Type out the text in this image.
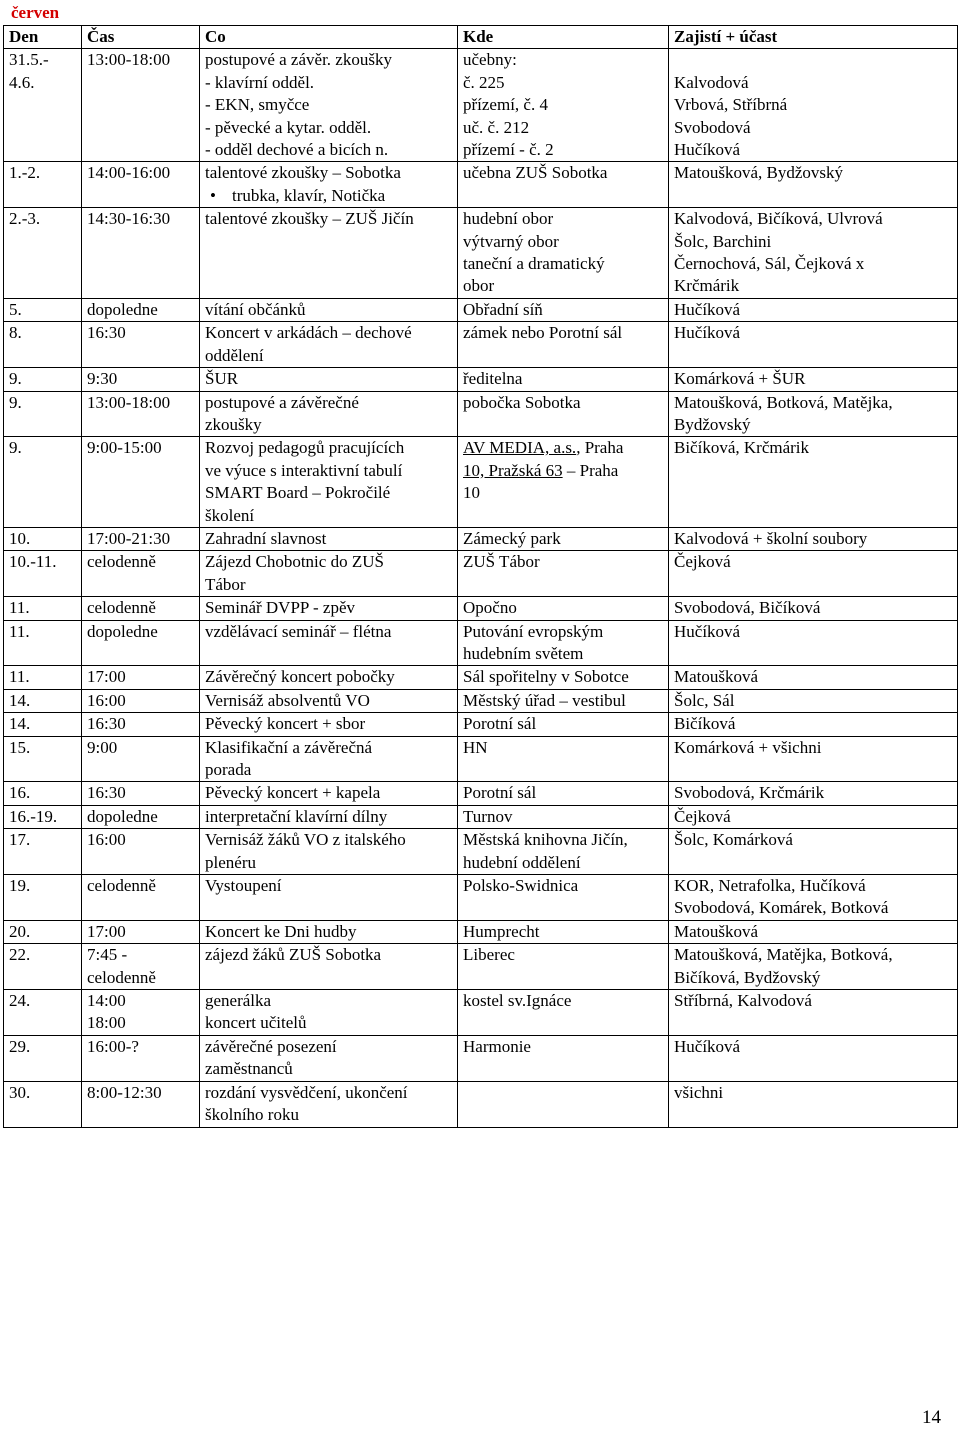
červen
Den	Čas	Co	Kde	Zajistí + účast

31.5.-
4.6.	13:00-18:00	postupové a závěr. zkoušky
- klavírní odděl.
- EKN, smyčce
- pěvecké a kytar. odděl.
- odděl dechové a bicích n.	učebny:
č. 225
přízemí, č. 4
uč. č. 212
přízemí - č. 2	Kalvodová
Vrbová, Stříbrná
Svobodová
Hučíková

1.-2.	14:00-16:00	talentové zkoušky – Sobotka
• trubka, klavír, Notička	učebna ZUŠ Sobotka	Matoušková, Bydžovský

2.-3.	14:30-16:30	talentové zkoušky – ZUŠ Jičín	hudební obor
výtvarný obor
taneční a dramatický
obor	Kalvodová, Bičíková, Ulvrová
Šolc, Barchini
Černochová, Sál, Čejková x
Krčmárik

5.	dopoledne	vítání občánků	Obřadní síň	Hučíková

8.	16:30	Koncert v arkádách – dechové
oddělení	zámek nebo Porotní sál	Hučíková

9.	9:30	ŠUR	ředitelna	Komárková + ŠUR

9.	13:00-18:00	postupové a závěrečné
zkoušky	pobočka Sobotka	Matoušková, Botková, Matějka,
Bydžovský

9.	9:00-15:00	Rozvoj pedagogů pracujících
ve výuce s interaktivní tabulí
SMART Board – Pokročilé
školení	AV MEDIA, a.s., Praha
10, Pražská 63 – Praha
10	Bičíková, Krčmárik

10.	17:00-21:30	Zahradní slavnost	Zámecký park	Kalvodová + školní soubory

10.-11.	celodenně	Zájezd Chobotnic do ZUŠ
Tábor	ZUŠ Tábor	Čejková

11.	celodenně	Seminář DVPP - zpěv	Opočno	Svobodová, Bičíková

11.	dopoledne	vzdělávací seminář – flétna	Putování evropským
hudebním světem	Hučíková

11.	17:00	Závěrečný koncert pobočky	Sál spořitelny v Sobotce	Matoušková

14.	16:00	Vernisáž absolventů VO	Městský úřad – vestibul	Šolc, Sál

14.	16:30	Pěvecký koncert + sbor	Porotní sál	Bičíková

15.	9:00	Klasifikační a závěrečná
porada	HN	Komárková + všichni

16.	16:30	Pěvecký koncert + kapela	Porotní sál	Svobodová, Krčmárik

16.-19.	dopoledne	interpretační klavírní dílny	Turnov	Čejková

17.	16:00	Vernisáž žáků VO z italského
plenéru	Městská knihovna Jičín,
hudební oddělení	Šolc, Komárková

19.	celodenně	Vystoupení	Polsko-Swidnica	KOR, Netrafolka, Hučíková
Svobodová, Komárek, Botková

20.	17:00	Koncert ke Dni hudby	Humprecht	Matoušková

22.	7:45 -
celodenně	zájezd žáků ZUŠ Sobotka	Liberec	Matoušková, Matějka, Botková,
Bičíková, Bydžovský

24.	14:00
18:00	generálka
koncert učitelů	kostel sv.Ignáce	Stříbrná, Kalvodová

29.	16:00-?	závěrečné posezení
zaměstnanců	Harmonie	Hučíková

30.	8:00-12:30	rozdání vysvědčení, ukončení
školního roku		všichni
14
